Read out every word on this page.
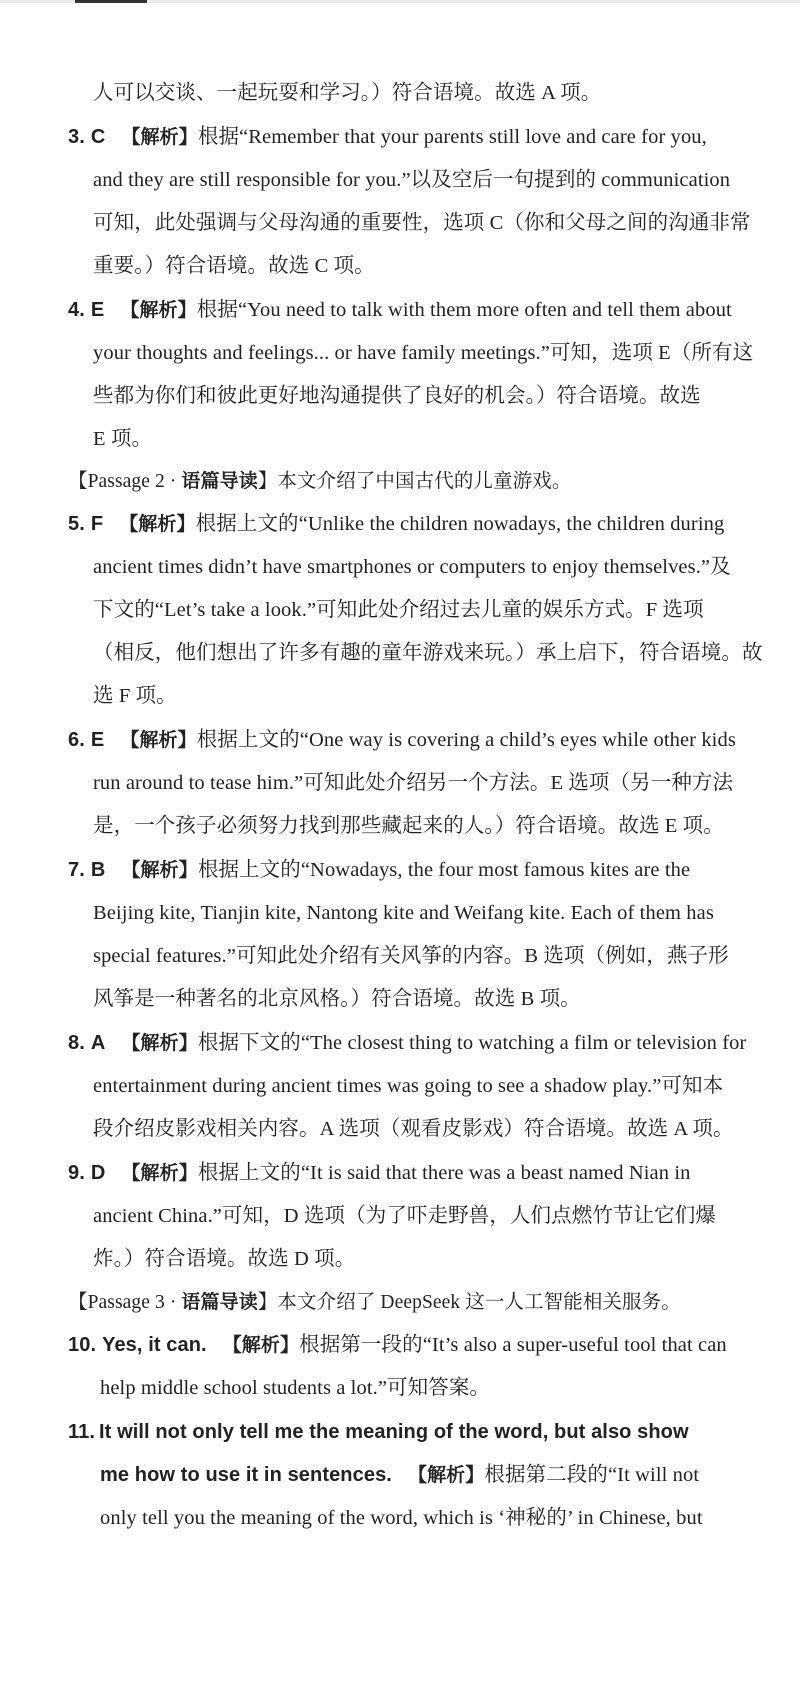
人可以交谈、一起玩耍和学习。）符合语境。故选 A 项。
3. C 【解析】根据“Remember that your parents still love and care for you,
and they are still responsible for you.”以及空后一句提到的 communication
可知，此处强调与父母沟通的重要性，选项 C（你和父母之间的沟通非常
重要。）符合语境。故选 C 项。
4. E 【解析】根据“You need to talk with them more often and tell them about
your thoughts and feelings... or have family meetings.”可知，选项 E（所有这
些都为你们和彼此更好地沟通提供了良好的机会。）符合语境。故选
E 项。
【Passage 2 · 语篇导读】本文介绍了中国古代的儿童游戏。
5. F 【解析】根据上文的“Unlike the children nowadays, the children during
ancient times didn’t have smartphones or computers to enjoy themselves.”及
下文的“Let’s take a look.”可知此处介绍过去儿童的娱乐方式。F 选项
（相反，他们想出了许多有趣的童年游戏来玩。）承上启下，符合语境。故
选 F 项。
6. E 【解析】根据上文的“One way is covering a child’s eyes while other kids
run around to tease him.”可知此处介绍另一个方法。E 选项（另一种方法
是，一个孩子必须努力找到那些藏起来的人。）符合语境。故选 E 项。
7. B 【解析】根据上文的“Nowadays, the four most famous kites are the
Beijing kite, Tianjin kite, Nantong kite and Weifang kite. Each of them has
special features.”可知此处介绍有关风筝的内容。B 选项（例如，燕子形
风筝是一种著名的北京风格。）符合语境。故选 B 项。
8. A 【解析】根据下文的“The closest thing to watching a film or television for
entertainment during ancient times was going to see a shadow play.”可知本
段介绍皮影戏相关内容。A 选项（观看皮影戏）符合语境。故选 A 项。
9. D 【解析】根据上文的“It is said that there was a beast named Nian in
ancient China.”可知，D 选项（为了吓走野兽，人们点燃竹节让它们爆
炸。）符合语境。故选 D 项。
【Passage 3 · 语篇导读】本文介绍了 DeepSeek 这一人工智能相关服务。
10. Yes, it can. 【解析】根据第一段的“It’s also a super-useful tool that can
help middle school students a lot.”可知答案。
11. It will not only tell me the meaning of the word, but also show
me how to use it in sentences. 【解析】根据第二段的“It will not
only tell you the meaning of the word, which is ‘神秘的’ in Chinese, but
